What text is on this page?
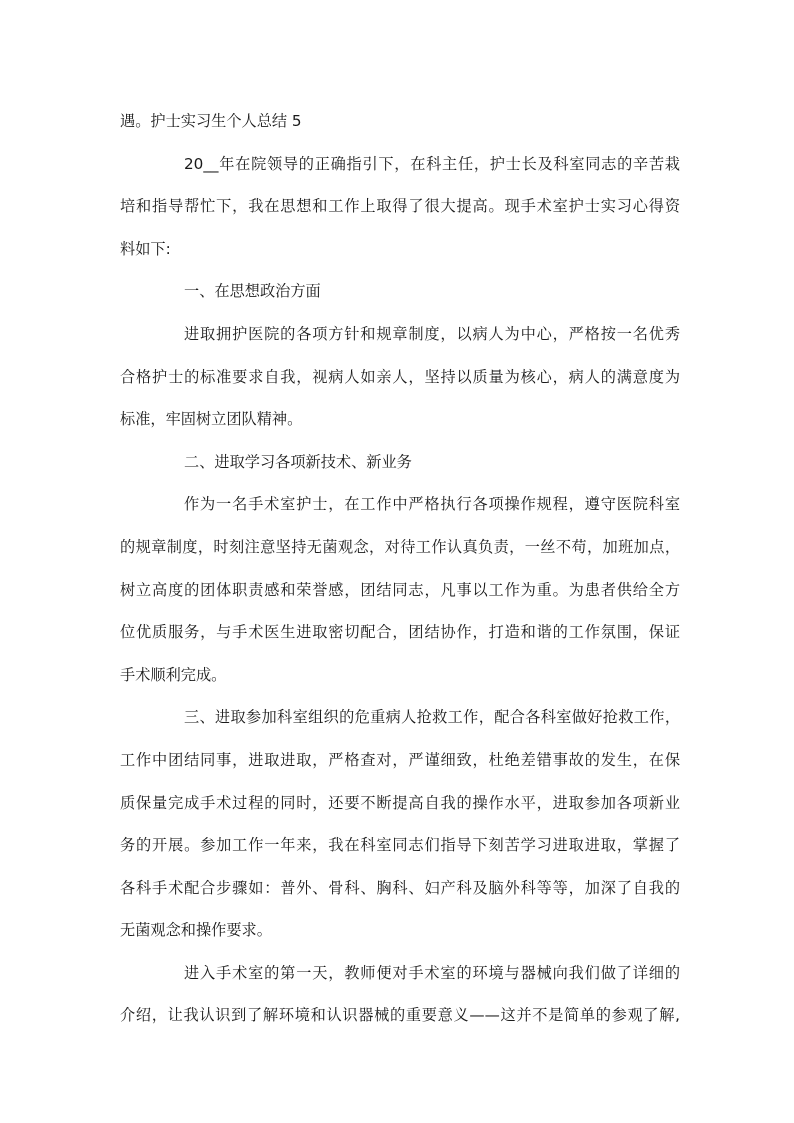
遇。护士实习生个人总结 5
20__年在院领导的正确指引下，在科主任，护士长及科室同志的辛苦栽
培和指导帮忙下，我在思想和工作上取得了很大提高。现手术室护士实习心得资
料如下:
一、在思想政治方面
进取拥护医院的各项方针和规章制度，以病人为中心，严格按一名优秀
合格护士的标准要求自我，视病人如亲人，坚持以质量为核心，病人的满意度为
标准，牢固树立团队精神。
二、进取学习各项新技术、新业务
作为一名手术室护士，在工作中严格执行各项操作规程，遵守医院科室
的规章制度，时刻注意坚持无菌观念，对待工作认真负责，一丝不苟，加班加点，
树立高度的团体职责感和荣誉感，团结同志，凡事以工作为重。为患者供给全方
位优质服务，与手术医生进取密切配合，团结协作，打造和谐的工作氛围，保证
手术顺利完成。
三、进取参加科室组织的危重病人抢救工作，配合各科室做好抢救工作，
工作中团结同事，进取进取，严格查对，严谨细致，杜绝差错事故的发生，在保
质保量完成手术过程的同时，还要不断提高自我的操作水平，进取参加各项新业
务的开展。参加工作一年来，我在科室同志们指导下刻苦学习进取进取，掌握了
各科手术配合步骤如：普外、骨科、胸科、妇产科及脑外科等等，加深了自我的
无菌观念和操作要求。
进入手术室的第一天，教师便对手术室的环境与器械向我们做了详细的
介绍，让我认识到了解环境和认识器械的重要意义——这并不是简单的参观了解,
